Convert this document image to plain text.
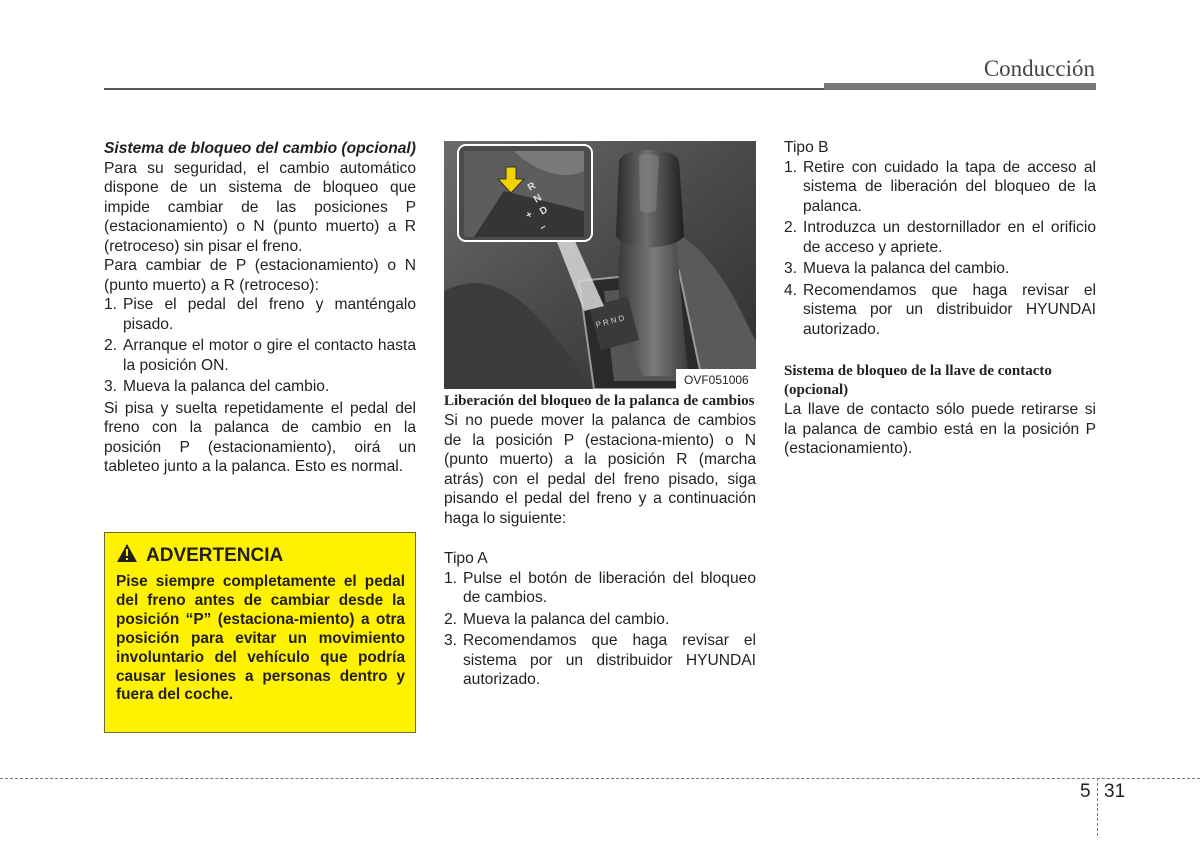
Conducción

Sistema de bloqueo del cambio (opcional)

Para su seguridad, el cambio automático dispone de un sistema de bloqueo que impide cambiar de las posiciones P (estacionamiento) o N (punto muerto) a R (retroceso) sin pisar el freno.

Para cambiar de P (estacionamiento) o N (punto muerto) a R (retroceso):

1. Pise el pedal del freno y manténgalo pisado.
2. Arranque el motor o gire el contacto hasta la posición ON.
3. Mueva la palanca del cambio.

Si pisa y suelta repetidamente el pedal del freno con la palanca de cambio en la posición P (estacionamiento), oirá un tableteo junto a la palanca. Esto es normal.

ADVERTENCIA

Pise siempre completamente el pedal del freno antes de cambiar desde la posición “P” (estaciona-miento) a otra posición para evitar un movimiento involuntario del vehículo que podría causar lesiones a personas dentro y fuera del coche.

P R N D
R
N
D
+
–
OVF051006

Liberación del bloqueo de la palanca de cambios

Si no puede mover la palanca de cambios de la posición P (estaciona-miento) o N (punto muerto) a la posición R (marcha atrás) con el pedal del freno pisado, siga pisando el pedal del freno y a continuación haga lo siguiente:

Tipo A

1. Pulse el botón de liberación del bloqueo de cambios.
2. Mueva la palanca del cambio.
3. Recomendamos que haga revisar el sistema por un distribuidor HYUNDAI autorizado.

Tipo B

1. Retire con cuidado la tapa de acceso al sistema de liberación del bloqueo de la palanca.
2. Introduzca un destornillador en el orificio de acceso y apriete.
3. Mueva la palanca del cambio.
4. Recomendamos que haga revisar el sistema por un distribuidor HYUNDAI autorizado.

Sistema de bloqueo de la llave de contacto (opcional)

La llave de contacto sólo puede retirarse si la palanca de cambio está en la posición P (estacionamiento).

5 31
